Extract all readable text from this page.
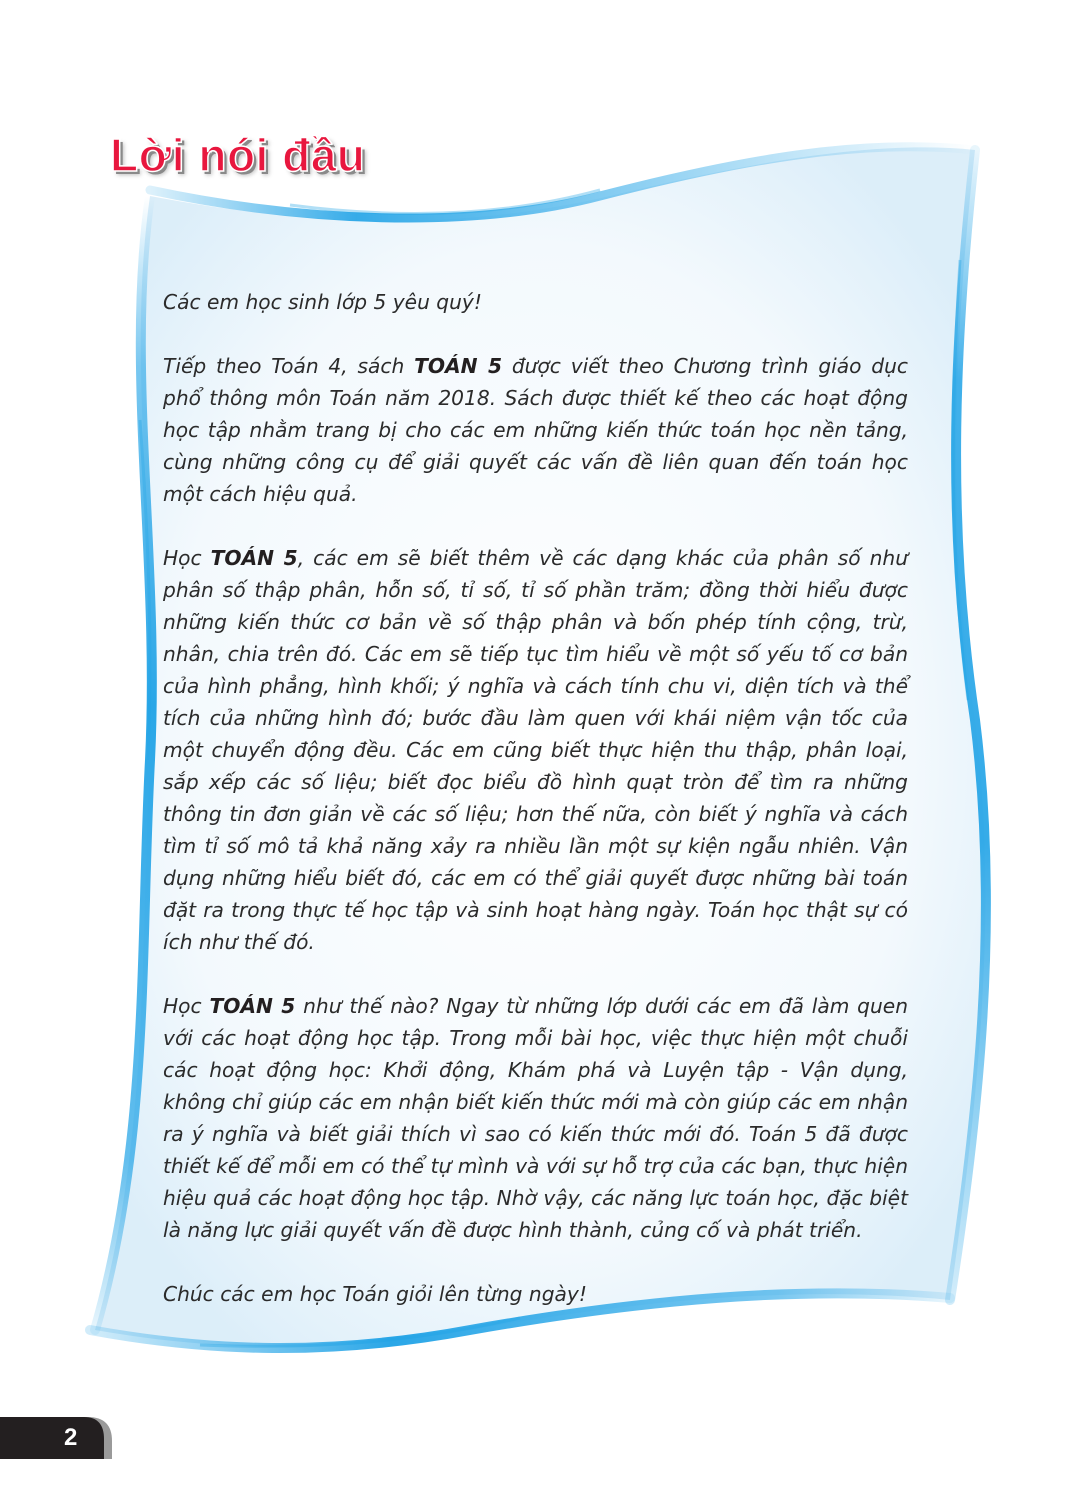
Lời nói đầu

Các em học sinh lớp 5 yêu quý!

Tiếp theo Toán 4, sách TOÁN 5 được viết theo Chương trình giáo dục phổ thông môn Toán năm 2018. Sách được thiết kế theo các hoạt động học tập nhằm trang bị cho các em những kiến thức toán học nền tảng, cùng những công cụ để giải quyết các vấn đề liên quan đến toán học một cách hiệu quả.

Học TOÁN 5, các em sẽ biết thêm về các dạng khác của phân số như phân số thập phân, hỗn số, tỉ số, tỉ số phần trăm; đồng thời hiểu được những kiến thức cơ bản về số thập phân và bốn phép tính cộng, trừ, nhân, chia trên đó. Các em sẽ tiếp tục tìm hiểu về một số yếu tố cơ bản của hình phẳng, hình khối; ý nghĩa và cách tính chu vi, diện tích và thể tích của những hình đó; bước đầu làm quen với khái niệm vận tốc của một chuyển động đều. Các em cũng biết thực hiện thu thập, phân loại, sắp xếp các số liệu; biết đọc biểu đồ hình quạt tròn để tìm ra những thông tin đơn giản về các số liệu; hơn thế nữa, còn biết ý nghĩa và cách tìm tỉ số mô tả khả năng xảy ra nhiều lần một sự kiện ngẫu nhiên. Vận dụng những hiểu biết đó, các em có thể giải quyết được những bài toán đặt ra trong thực tế học tập và sinh hoạt hàng ngày. Toán học thật sự có ích như thế đó.

Học TOÁN 5 như thế nào? Ngay từ những lớp dưới các em đã làm quen với các hoạt động học tập. Trong mỗi bài học, việc thực hiện một chuỗi các hoạt động học: Khởi động, Khám phá và Luyện tập - Vận dụng, không chỉ giúp các em nhận biết kiến thức mới mà còn giúp các em nhận ra ý nghĩa và biết giải thích vì sao có kiến thức mới đó. Toán 5 đã được thiết kế để mỗi em có thể tự mình và với sự hỗ trợ của các bạn, thực hiện hiệu quả các hoạt động học tập. Nhờ vậy, các năng lực toán học, đặc biệt là năng lực giải quyết vấn đề được hình thành, củng cố và phát triển.

Chúc các em học Toán giỏi lên từng ngày!

2
